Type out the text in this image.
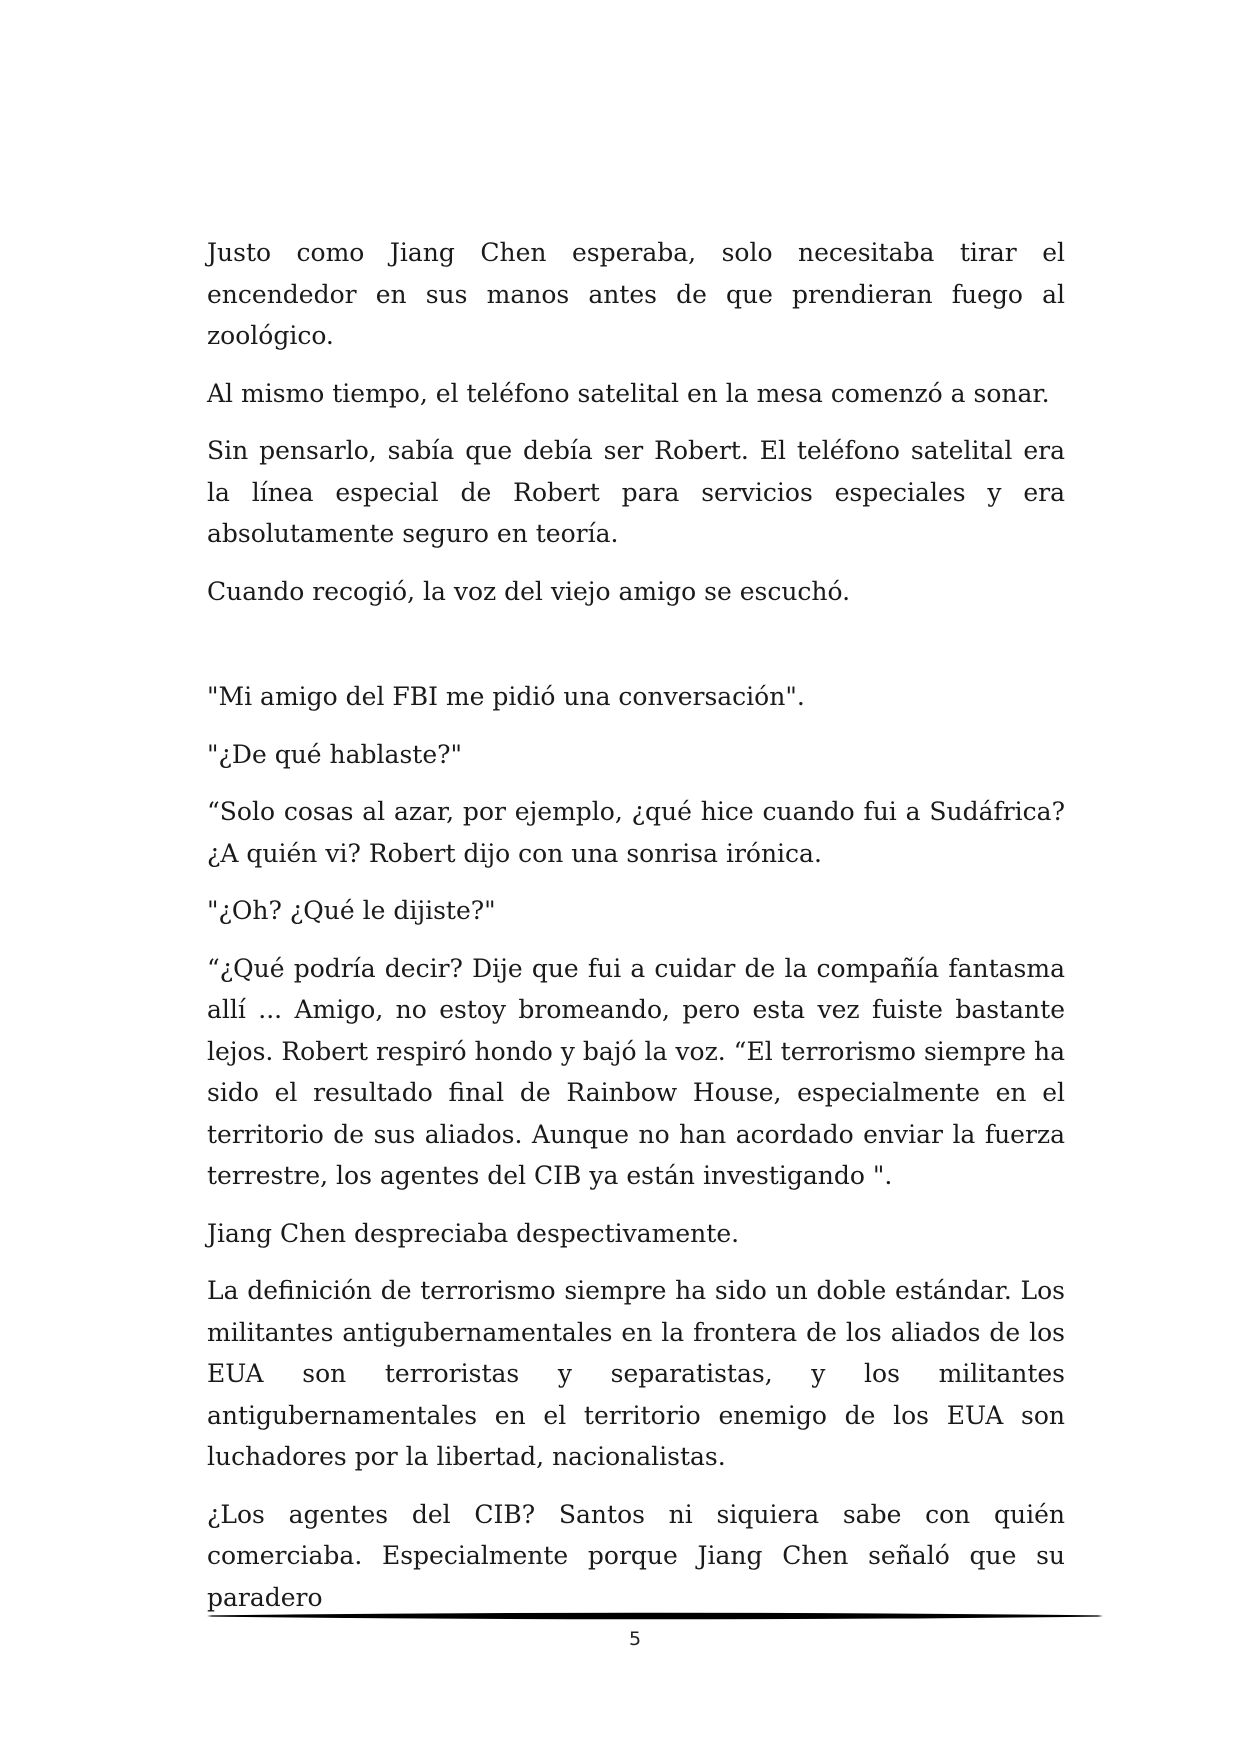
Justo como Jiang Chen esperaba, solo necesitaba tirar el encendedor en sus manos antes de que prendieran fuego al zoológico.

Al mismo tiempo, el teléfono satelital en la mesa comenzó a sonar.

Sin pensarlo, sabía que debía ser Robert. El teléfono satelital era la línea especial de Robert para servicios especiales y era absolutamente seguro en teoría.

Cuando recogió, la voz del viejo amigo se escuchó.

"Mi amigo del FBI me pidió una conversación".

"¿De qué hablaste?"

“Solo cosas al azar, por ejemplo, ¿qué hice cuando fui a Sudáfrica? ¿A quién vi? Robert dijo con una sonrisa irónica.

"¿Oh? ¿Qué le dijiste?"

“¿Qué podría decir? Dije que fui a cuidar de la compañía fantasma allí ... Amigo, no estoy bromeando, pero esta vez fuiste bastante lejos. Robert respiró hondo y bajó la voz. “El terrorismo siempre ha sido el resultado final de Rainbow House, especialmente en el territorio de sus aliados. Aunque no han acordado enviar la fuerza terrestre, los agentes del CIB ya están investigando ".

Jiang Chen despreciaba despectivamente.

La definición de terrorismo siempre ha sido un doble estándar. Los militantes antigubernamentales en la frontera de los aliados de los EUA son terroristas y separatistas, y los militantes antigubernamentales en el territorio enemigo de los EUA son luchadores por la libertad, nacionalistas.

¿Los agentes del CIB? Santos ni siquiera sabe con quién comerciaba. Especialmente porque Jiang Chen señaló que su paradero

5
